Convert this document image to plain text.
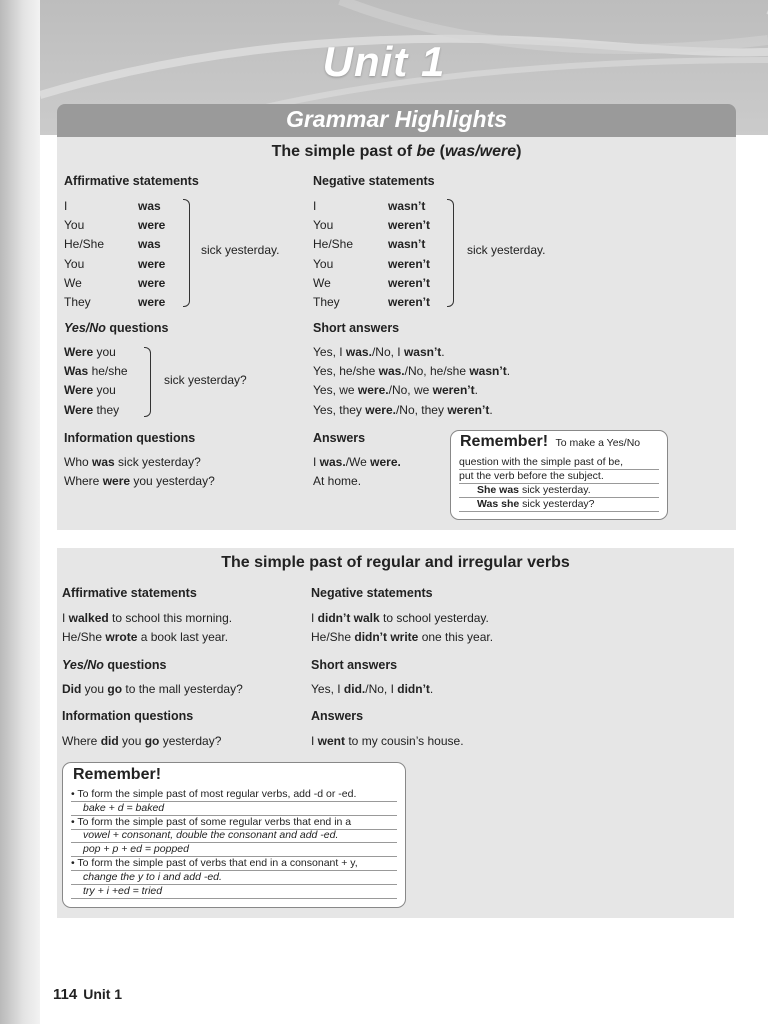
Unit 1
Grammar Highlights
The simple past of be (was/were)
Affirmative statements
I	was
You	were
He/She	was
You	were
We	were
They	were
sick yesterday.
Negative statements
I	wasn’t
You	weren’t
He/She	wasn’t
You	weren’t
We	weren’t
They	weren’t
sick yesterday.
Yes/No questions
Were you
Was he/she
Were you
Were they
sick yesterday?
Short answers
Yes, I was./No, I wasn’t.
Yes, he/she was./No, he/she wasn’t.
Yes, we were./No, we weren’t.
Yes, they were./No, they weren’t.
Information questions
Who was sick yesterday?
Where were you yesterday?
Answers
I was./We were.
At home.
Remember! To make a Yes/No
question with the simple past of be,
put the verb before the subject.
She was sick yesterday.
Was she sick yesterday?
The simple past of regular and irregular verbs
Affirmative statements
I walked to school this morning.
He/She wrote a book last year.
Negative statements
I didn’t walk to school yesterday.
He/She didn’t write one this year.
Yes/No questions
Did you go to the mall yesterday?
Short answers
Yes, I did./No, I didn’t.
Information questions
Where did you go yesterday?
Answers
I went to my cousin’s house.
Remember!
• To form the simple past of most regular verbs, add -d or -ed.
bake + d = baked
• To form the simple past of some regular verbs that end in a
vowel + consonant, double the consonant and add -ed.
pop + p + ed = popped
• To form the simple past of verbs that end in a consonant + y,
change the y to i and add -ed.
try + i +ed = tried
114 Unit 1
